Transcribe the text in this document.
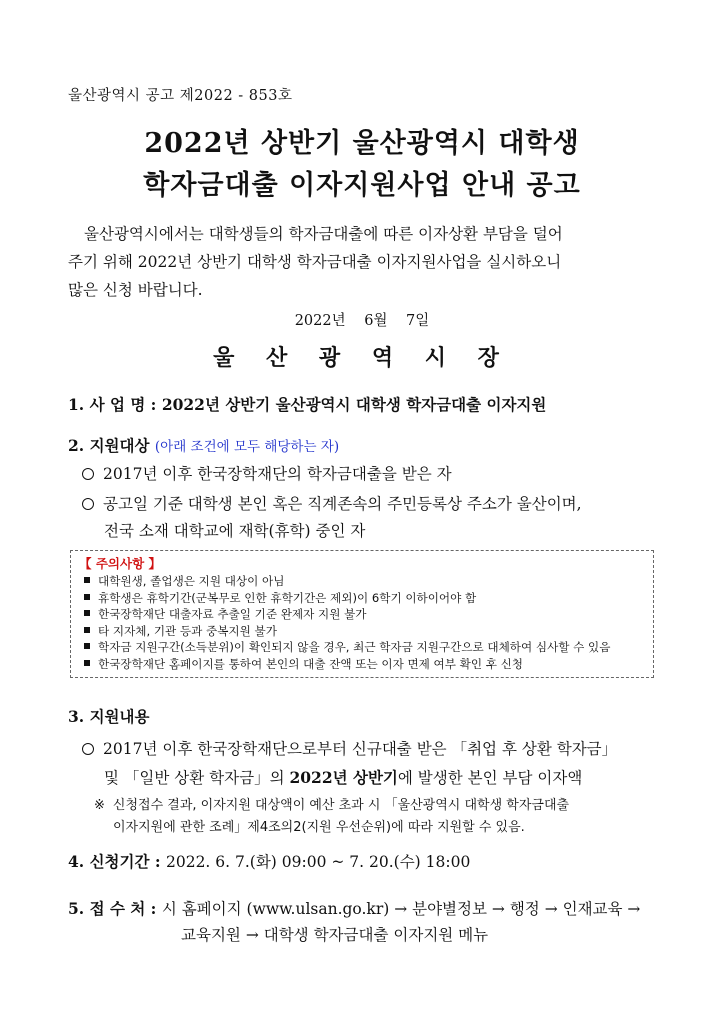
울산광역시 공고 제2022 - 853호
2022년 상반기 울산광역시 대학생
학자금대출 이자지원사업 안내 공고

울산광역시에서는 대학생들의 학자금대출에 따른 이자상환 부담을 덜어

주기 위해 2022년 상반기 대학생 학자금대출 이자지원사업을 실시하오니

많은 신청 바랍니다.

2022년 6월 7일
울 산 광 역 시 장
1. 사 업 명 : 2022년 상반기 울산광역시 대학생 학자금대출 이자지원
2. 지원대상 (아래 조건에 모두 해당하는 자)
2017년 이후 한국장학재단의 학자금대출을 받은 자
공고일 기준 대학생 본인 혹은 직계존속의 주민등록상 주소가 울산이며,
전국 소재 대학교에 재학(휴학) 중인 자
【 주의사항 】
대학원생, 졸업생은 지원 대상이 아님
휴학생은 휴학기간(군복무로 인한 휴학기간은 제외)이 6학기 이하이어야 함
한국장학재단 대출자료 추출일 기준 완제자 지원 불가
타 지자체, 기관 등과 중복지원 불가
학자금 지원구간(소득분위)이 확인되지 않을 경우, 최근 학자금 지원구간으로 대체하여 심사할 수 있음
한국장학재단 홈페이지를 통하여 본인의 대출 잔액 또는 이자 면제 여부 확인 후 신청
3. 지원내용
2017년 이후 한국장학재단으로부터 신규대출 받은 「취업 후 상환 학자금」
및 「일반 상환 학자금」의 2022년 상반기에 발생한 본인 부담 이자액
※ 신청접수 결과, 이자지원 대상액이 예산 초과 시 「울산광역시 대학생 학자금대출
이자지원에 관한 조례」제4조의2(지원 우선순위)에 따라 지원할 수 있음.
4. 신청기간 : 2022. 6. 7.(화) 09:00 ~ 7. 20.(수) 18:00
5. 접 수 처 : 시 홈페이지 (www.ulsan.go.kr) → 분야별정보 → 행정 → 인재교육 →
교육지원 → 대학생 학자금대출 이자지원 메뉴
